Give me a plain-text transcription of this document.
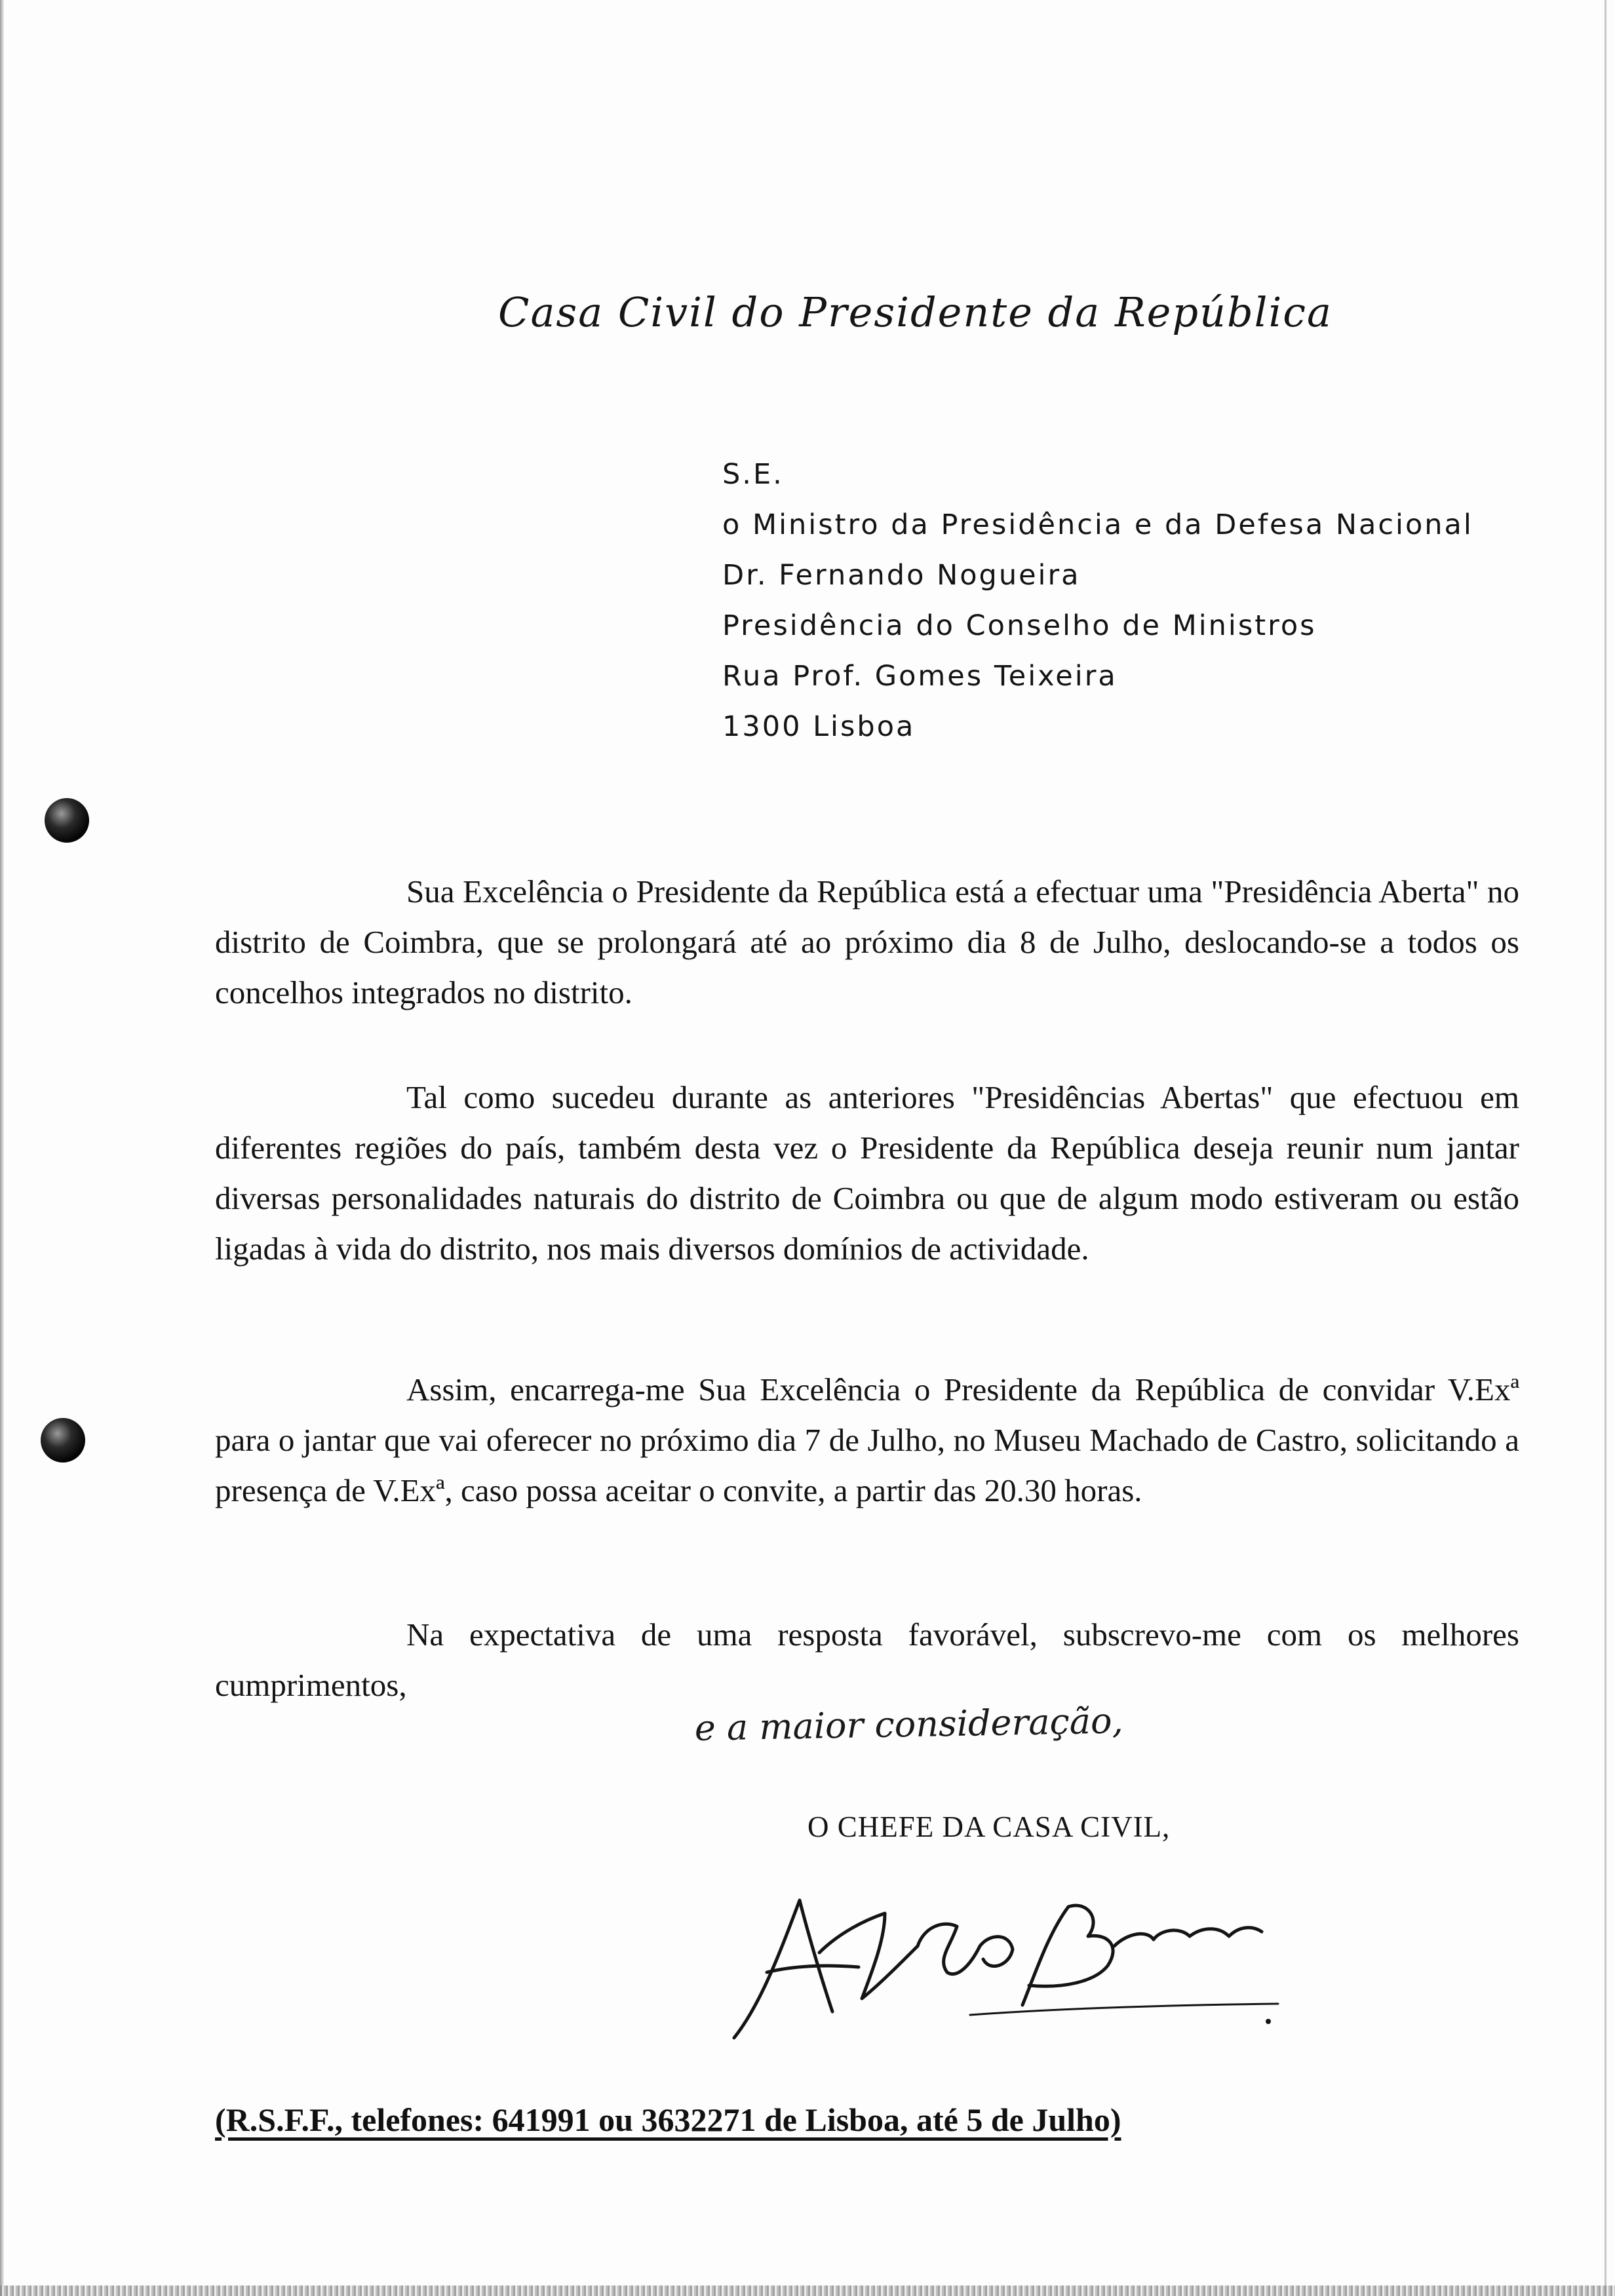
Casa Civil do Presidente da República
S.E.
o Ministro da Presidência e da Defesa Nacional
Dr. Fernando Nogueira
Presidência do Conselho de Ministros
Rua Prof. Gomes Teixeira
1300 Lisboa
Sua Excelência o Presidente da República está a efectuar uma "Presidência Aberta" no distrito de Coimbra, que se prolongará até ao próximo dia 8 de Julho, deslocando-se a todos os concelhos integrados no distrito.
Tal como sucedeu durante as anteriores "Presidências Abertas" que efectuou em diferentes regiões do país, também desta vez o Presidente da República deseja reunir num jantar diversas personalidades naturais do distrito de Coimbra ou que de algum modo estiveram ou estão ligadas à vida do distrito, nos mais diversos domínios de actividade.
Assim, encarrega-me Sua Excelência o Presidente da República de convidar V.Exª para o jantar que vai oferecer no próximo dia 7 de Julho, no Museu Machado de Castro, solicitando a presença de V.Exª, caso possa aceitar o convite, a partir das 20.30 horas.
Na expectativa de uma resposta favorável, subscrevo-me com os melhores cumprimentos,
e a maior consideração,
O CHEFE DA CASA CIVIL,
(R.S.F.F., telefones: 641991 ou 3632271 de Lisboa, até 5 de Julho)
